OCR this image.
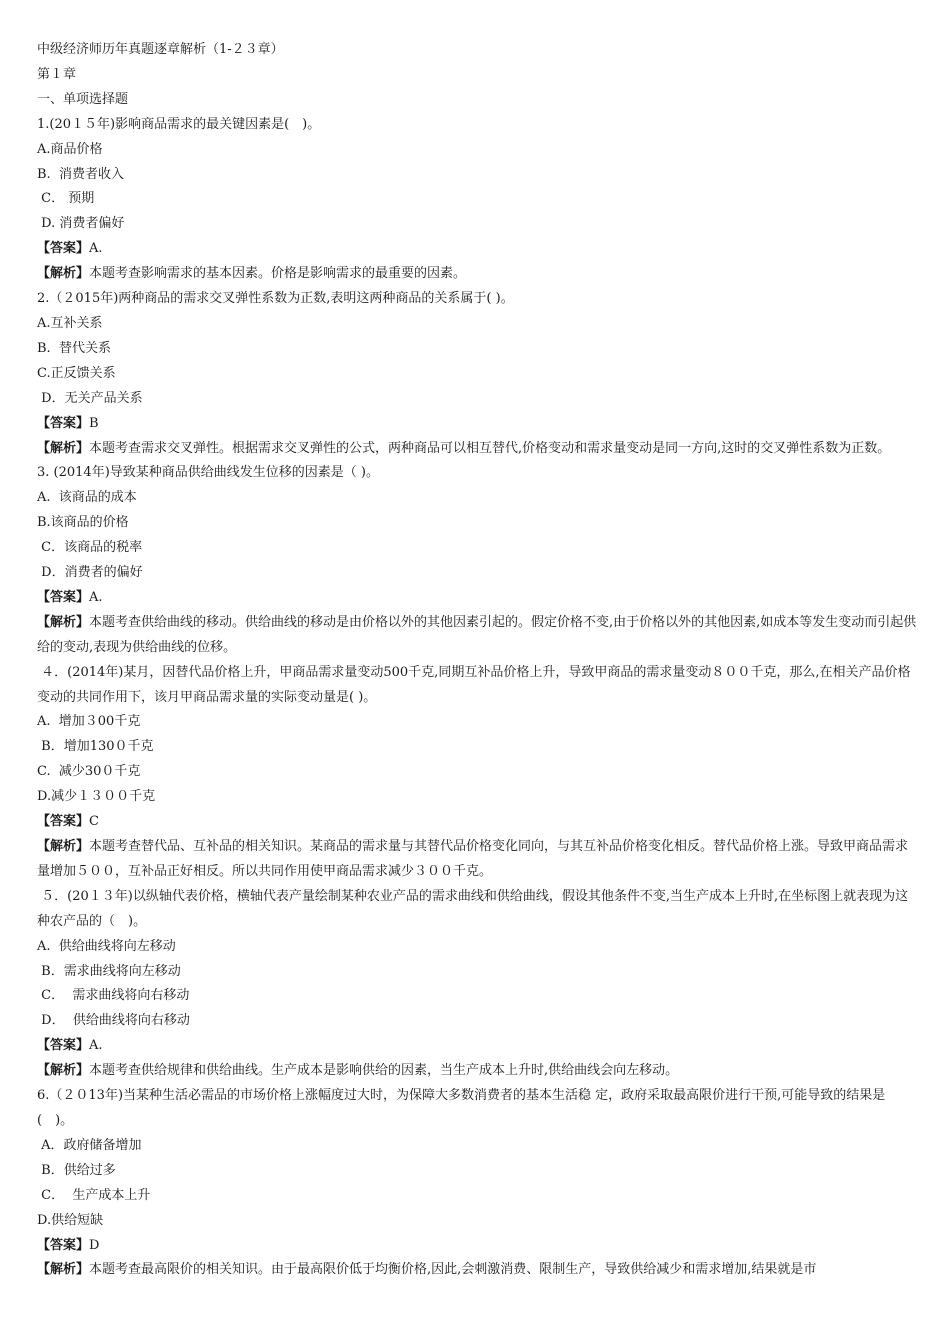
中级经济师历年真题逐章解析（1-２３章）

第１章

一、单项选择题

1.(20１５年)影响商品需求的最关键因素是(　)。

A.商品价格

B.  消费者收入

C． 预期

D. 消费者偏好

【答案】A.

【解析】本题考查影响需求的基本因素。价格是影响需求的最重要的因素。

2.（２015年)两种商品的需求交叉弹性系数为正数,表明这两种商品的关系属于( )。

A.互补关系

B.  替代关系

C.正反馈关系

D．无关产品关系

【答案】B

【解析】本题考查需求交叉弹性。根据需求交叉弹性的公式，两种商品可以相互替代,价格变动和需求量变动是同一方向,这时的交叉弹性系数为正数。

3. (2014年)导致某种商品供给曲线发生位移的因素是（ )。

A.  该商品的成本

B.该商品的价格

C．该商品的税率

D．消费者的偏好

【答案】A.

【解析】本题考查供给曲线的移动。供给曲线的移动是由价格以外的其他因素引起的。假定价格不变,由于价格以外的其他因素,如成本等发生变动而引起供给的变动,表现为供给曲线的位移。

４．(2014年)某月，因替代品价格上升，甲商品需求量变动500千克,同期互补品价格上升，导致甲商品的需求量变动８００千克，那么,在相关产品价格变动的共同作用下，该月甲商品需求量的实际变动量是( )。

A.  增加３00千克

B．增加130０千克

C.  减少30０千克

D.减少１３００千克

【答案】C

【解析】本题考查替代品、互补品的相关知识。某商品的需求量与其替代品价格变化同向，与其互补品价格变化相反。替代品价格上涨。导致甲商品需求量增加５００，互补品正好相反。所以共同作用使甲商品需求减少３００千克。

５．(20１３年)以纵轴代表价格，横轴代表产量绘制某种农业产品的需求曲线和供给曲线，假设其他条件不变,当生产成本上升时,在坐标图上就表现为这种农产品的（　)。

A.  供给曲线将向左移动

B．需求曲线将向左移动

C．  需求曲线将向右移动

D．  供给曲线将向右移动

【答案】A.

【解析】本题考查供给规律和供给曲线。生产成本是影响供给的因素，当生产成本上升时,供给曲线会向左移动。

6.（２０13年)当某种生活必需品的市场价格上涨幅度过大时，为保障大多数消费者的基本生活稳 定，政府采取最高限价进行干预,可能导致的结果是(　)。

A．政府储备增加

B．供给过多

C．  生产成本上升

D.供给短缺

【答案】D

【解析】本题考查最高限价的相关知识。由于最高限价低于均衡价格,因此,会刺激消费、限制生产，导致供给减少和需求增加,结果就是市
